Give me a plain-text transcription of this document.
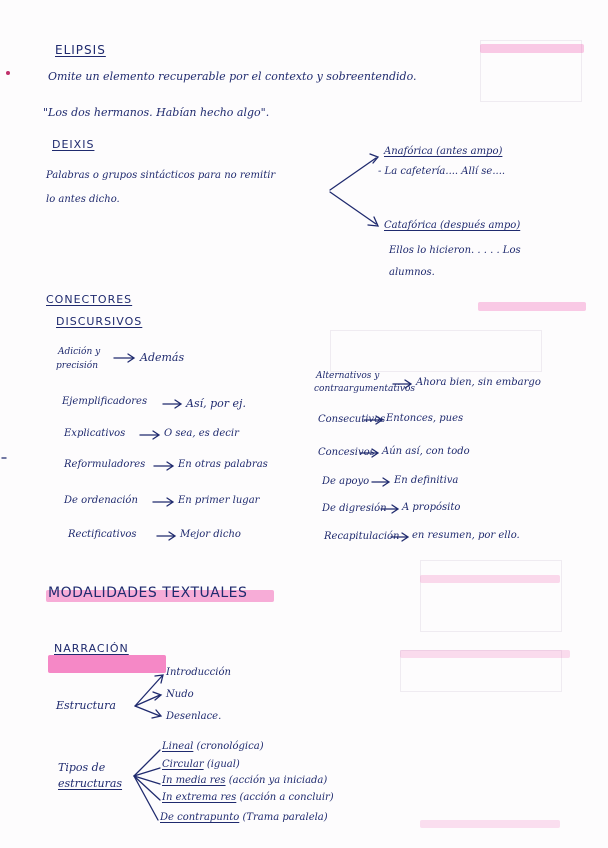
ELIPSIS
Omite un elemento recuperable por el contexto y sobreentendido.
"Los dos hermanos. Habían hecho algo".
DEIXIS
Palabras o grupos sintácticos para no remitir
lo antes dicho.
Anafórica (antes ampo)
- La cafetería.... Allí se....
Catafórica (después ampo)
Ellos lo hicieron. . . . . Los
alumnos.
CONECTORES
DISCURSIVOS
Adición y
precisión
Además
Ejemplificadores	Así, por ej.
Explicativos	O sea, es decir
Reformuladores	En otras palabras
De ordenación	En primer lugar
Rectificativos	Mejor dicho
Alternativos y
contraargumentativos
Ahora bien, sin embargo
Consecutivos Entonces, pues
Concesivos Aún así, con todo
De apoyo En definitiva
De digresión A propósito
Recapitulación en resumen, por ello.
MODALIDADES TEXTUALES
NARRACIÓN
Estructura
Introducción
Nudo
Desenlace.
Tipos de
estructuras
Lineal (cronológica)
Circular (igual)
In media res (acción ya iniciada)
In extrema res (acción a concluir)
De contrapunto (Trama paralela)
